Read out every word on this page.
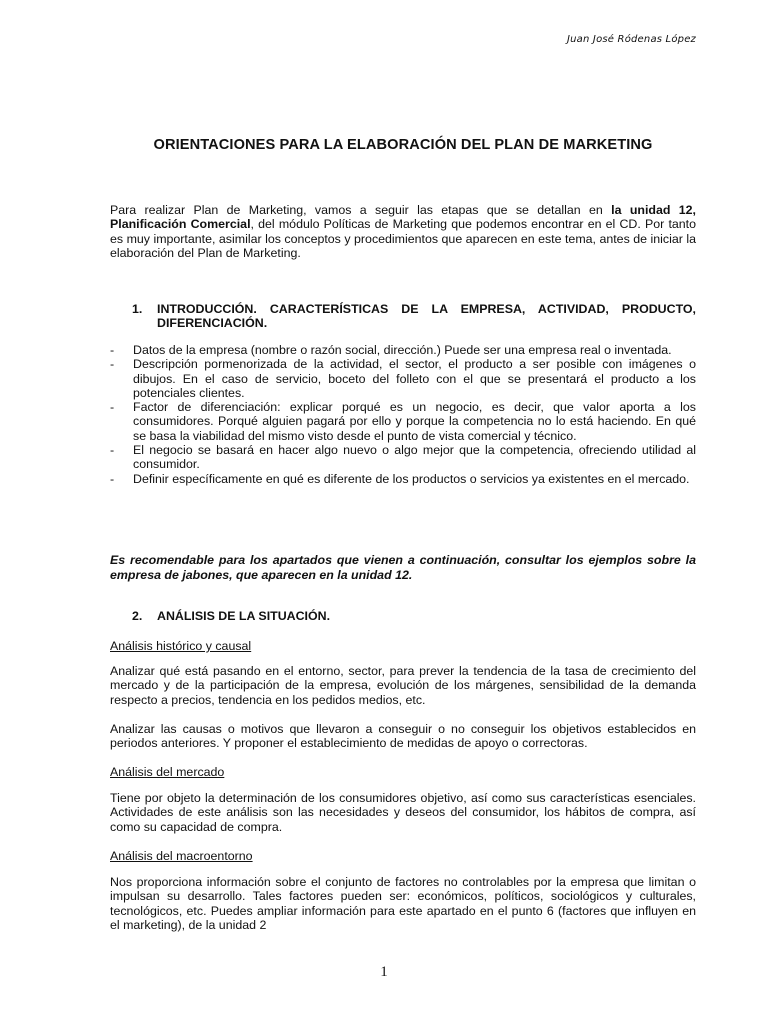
Juan José Ródenas López
ORIENTACIONES PARA LA ELABORACIÓN DEL PLAN DE MARKETING

Para realizar Plan de Marketing, vamos a seguir las etapas que se detallan en la unidad 12, Planificación Comercial, del módulo Políticas de Marketing que podemos encontrar en el CD. Por tanto es muy importante, asimilar los conceptos y procedimientos que aparecen en este tema, antes de iniciar la elaboración del Plan de Marketing.

1. INTRODUCCIÓN. CARACTERÍSTICAS DE LA EMPRESA, ACTIVIDAD, PRODUCTO, DIFERENCIACIÓN.
- Datos de la empresa (nombre o razón social, dirección.) Puede ser una empresa real o inventada.
- Descripción pormenorizada de la actividad, el sector, el producto a ser posible con imágenes o dibujos. En el caso de servicio, boceto del folleto con el que se presentará el producto a los potenciales clientes.
- Factor de diferenciación: explicar porqué es un negocio, es decir, que valor aporta a los consumidores. Porqué alguien pagará por ello y porque la competencia no lo está haciendo. En qué se basa la viabilidad del mismo visto desde el punto de vista comercial y técnico.
- El negocio se basará en hacer algo nuevo o algo mejor que la competencia, ofreciendo utilidad al consumidor.
- Definir específicamente en qué es diferente de los productos o servicios ya existentes en el mercado.

Es recomendable para los apartados que vienen a continuación, consultar los ejemplos sobre la empresa de jabones, que aparecen en la unidad 12.

2. ANÁLISIS DE LA SITUACIÓN.

Análisis histórico y causal

Analizar qué está pasando en el entorno, sector, para prever la tendencia de la tasa de crecimiento del mercado y de la participación de la empresa, evolución de los márgenes, sensibilidad de la demanda respecto a precios, tendencia en los pedidos medios, etc.

Analizar las causas o motivos que llevaron a conseguir o no conseguir los objetivos establecidos en periodos anteriores. Y proponer el establecimiento de medidas de apoyo o correctoras.

Análisis del mercado

Tiene por objeto la determinación de los consumidores objetivo, así como sus características esenciales. Actividades de este análisis son las necesidades y deseos del consumidor, los hábitos de compra, así como su capacidad de compra.

Análisis del macroentorno

Nos proporciona información sobre el conjunto de factores no controlables por la empresa que limitan o impulsan su desarrollo. Tales factores pueden ser: económicos, políticos, sociológicos y culturales, tecnológicos, etc. Puedes ampliar información para este apartado en el punto 6 (factores que influyen en el marketing), de la unidad 2

1
